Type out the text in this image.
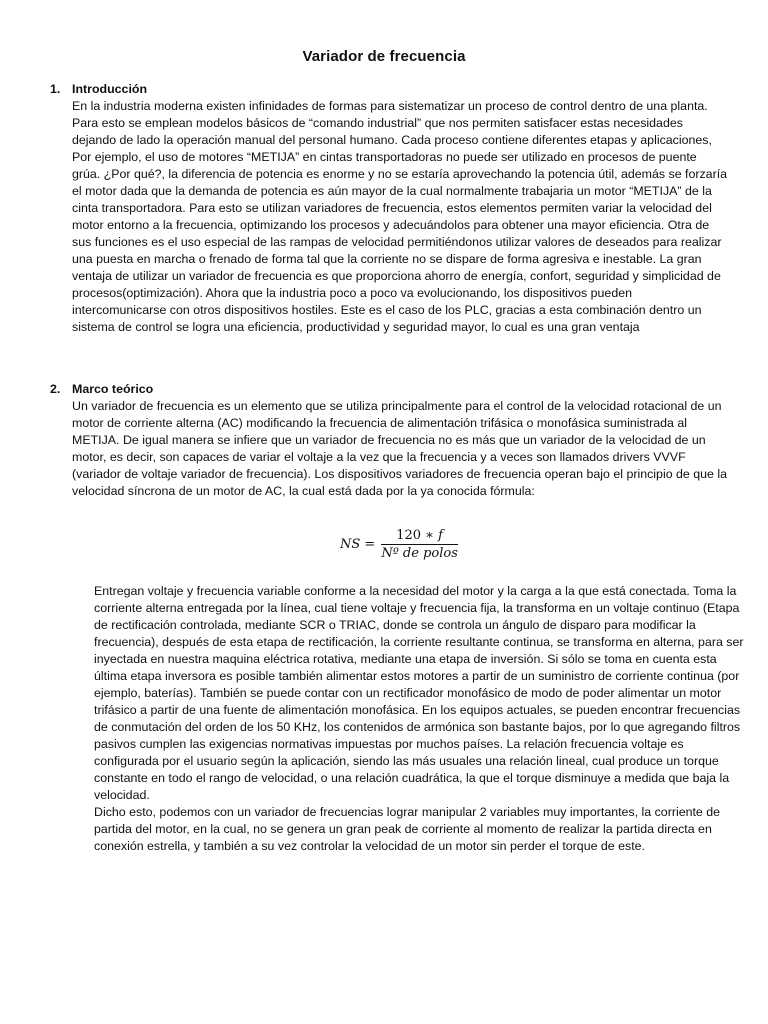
Variador de frecuencia
1. Introducción

En la industria moderna existen infinidades de formas para sistematizar un proceso de control dentro de una planta. Para esto se emplean modelos básicos de “comando industrial” que nos permiten satisfacer estas necesidades dejando de lado la operación manual del personal humano. Cada proceso contiene diferentes etapas y aplicaciones, Por ejemplo, el uso de motores “METIJA” en cintas transportadoras no puede ser utilizado en procesos de puente grúa. ¿Por qué?, la diferencia de potencia es enorme y no se estaría aprovechando la potencia útil, además se forzaría el motor dada que la demanda de potencia es aún mayor de la cual normalmente trabajaria un motor “METIJA” de la cinta transportadora. Para esto se utilizan variadores de frecuencia, estos elementos permiten variar la velocidad del motor entorno a la frecuencia, optimizando los procesos y adecuándolos para obtener una mayor eficiencia. Otra de sus funciones es el uso especial de las rampas de velocidad permitiéndonos utilizar valores de deseados para realizar una puesta en marcha o frenado de forma tal que la corriente no se dispare de forma agresiva e inestable. La gran ventaja de utilizar un variador de frecuencia es que proporciona ahorro de energía, confort, seguridad y simplicidad de procesos(optimización). Ahora que la industria poco a poco va evolucionando, los dispositivos pueden intercomunicarse con otros dispositivos hostiles. Este es el caso de los PLC, gracias a esta combinación dentro un sistema de control se logra una eficiencia, productividad y seguridad mayor, lo cual es una gran ventaja

2. Marco teórico

Un variador de frecuencia es un elemento que se utiliza principalmente para el control de la velocidad rotacional de un motor de corriente alterna (AC) modificando la frecuencia de alimentación trifásica o monofásica suministrada al METIJA. De igual manera se infiere que un variador de frecuencia no es más que un variador de la velocidad de un motor, es decir, son capaces de variar el voltaje a la vez que la frecuencia y a veces son llamados drivers VVVF (variador de voltaje variador de frecuencia). Los dispositivos variadores de frecuencia operan bajo el principio de que la velocidad síncrona de un motor de AC, la cual está dada por la ya conocida fórmula:

NS = $\frac{120 ∗ f}{\text{Nº de polos}}$

Entregan voltaje y frecuencia variable conforme a la necesidad del motor y la carga a la que está conectada. Toma la corriente alterna entregada por la línea, cual tiene voltaje y frecuencia fija, la transforma en un voltaje continuo (Etapa de rectificación controlada, mediante SCR o TRIAC, donde se controla un ángulo de disparo para modificar la frecuencia), después de esta etapa de rectificación, la corriente resultante continua, se transforma en alterna, para ser inyectada en nuestra maquina eléctrica rotativa, mediante una etapa de inversión. Si sólo se toma en cuenta esta última etapa inversora es posible también alimentar estos motores a partir de un suministro de corriente continua (por ejemplo, baterías). También se puede contar con un rectificador monofásico de modo de poder alimentar un motor trifásico a partir de una fuente de alimentación monofásica. En los equipos actuales, se pueden encontrar frecuencias de conmutación del orden de los 50 KHz, los contenidos de armónica son bastante bajos, por lo que agregando filtros pasivos cumplen las exigencias normativas impuestas por muchos países. La relación frecuencia voltaje es configurada por el usuario según la aplicación, siendo las más usuales una relación lineal, cual produce un torque constante en todo el rango de velocidad, o una relación cuadrática, la que el torque disminuye a medida que baja la velocidad.

Dicho esto, podemos con un variador de frecuencias lograr manipular 2 variables muy importantes, la corriente de partida del motor, en la cual, no se genera un gran peak de corriente al momento de realizar la partida directa en conexión estrella, y también a su vez controlar la velocidad de un motor sin perder el torque de este.
